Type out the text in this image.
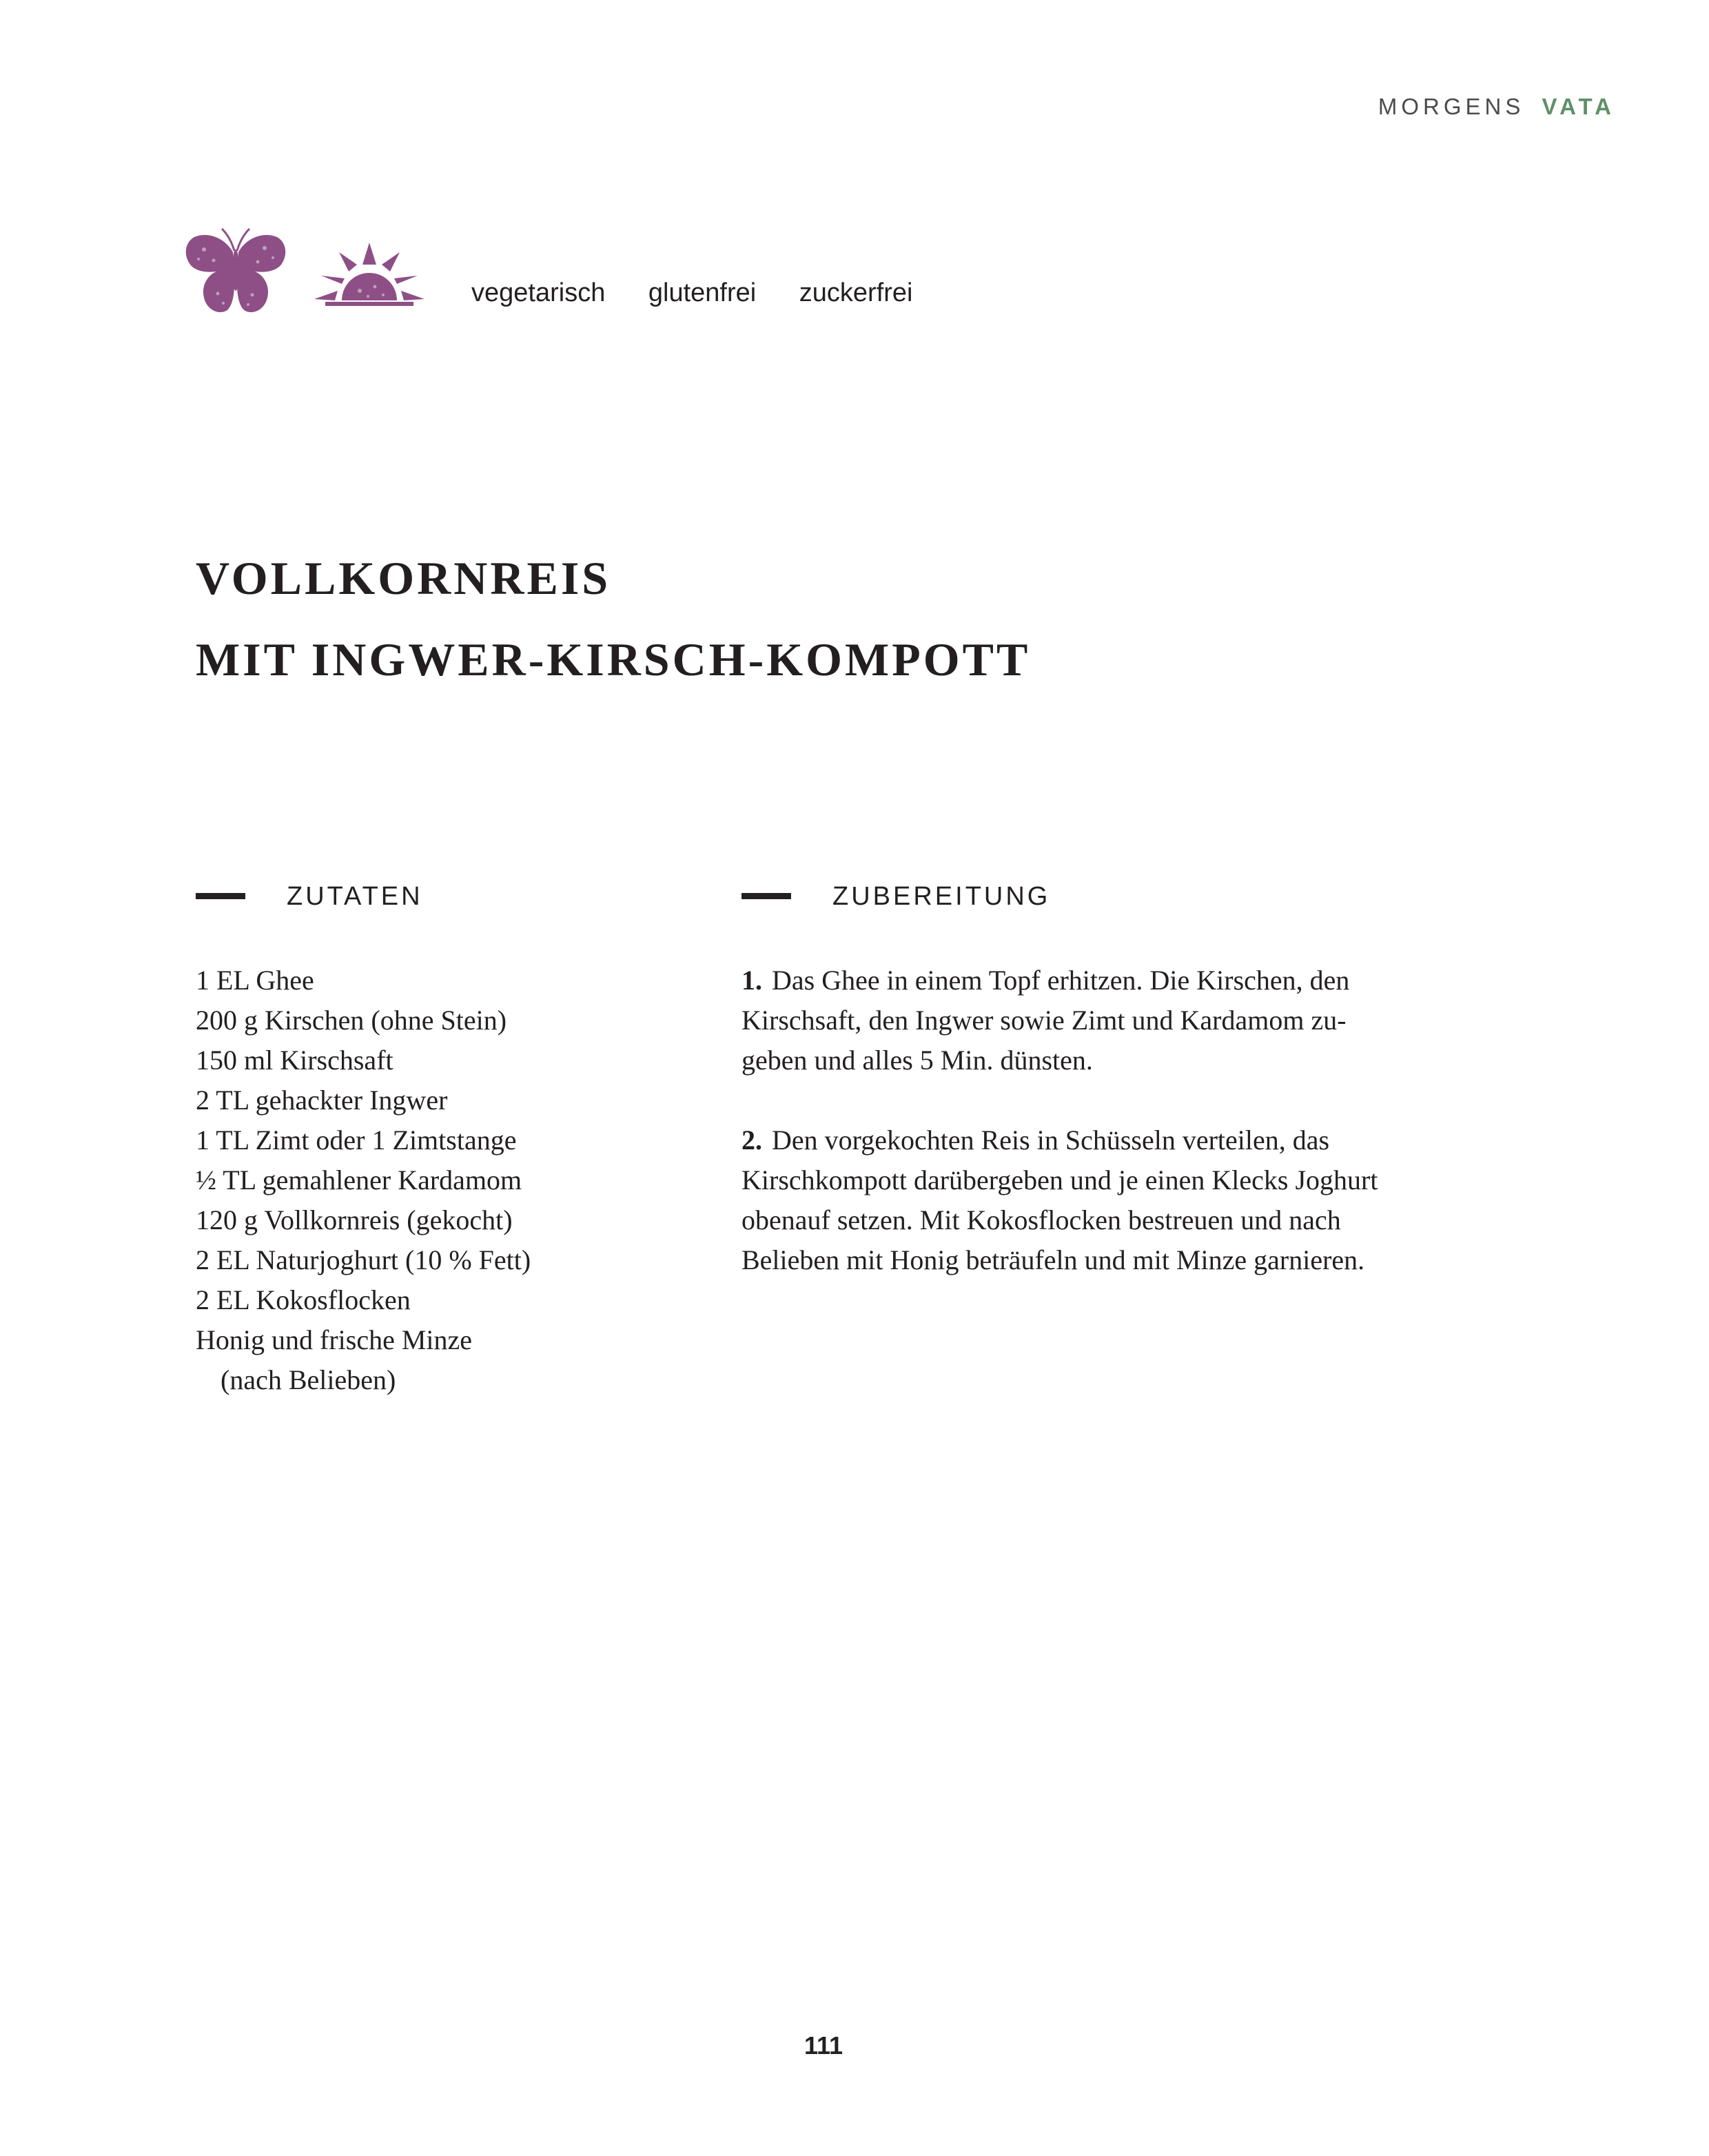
MORGENS VATA
vegetarisch glutenfrei zuckerfrei
VOLLKORNREIS
MIT INGWER-KIRSCH-KOMPOTT
ZUTATEN	ZUBEREITUNG
1 EL Ghee
200 g Kirschen (ohne Stein)
150 ml Kirschsaft
2 TL gehackter Ingwer
1 TL Zimt oder 1 Zimtstange
½ TL gemahlener Kardamom
120 g Vollkornreis (gekocht)
2 EL Naturjoghurt (10 % Fett)
2 EL Kokosflocken
Honig und frische Minze
(nach Belieben)
1. Das Ghee in einem Topf erhitzen. Die Kirschen, den
Kirschsaft, den Ingwer sowie Zimt und Kardamom zu-
geben und alles 5 Min. dünsten.
2. Den vorgekochten Reis in Schüsseln verteilen, das
Kirschkompott darübergeben und je einen Klecks Joghurt
obenauf setzen. Mit Kokosflocken bestreuen und nach
Belieben mit Honig beträufeln und mit Minze garnieren.
111
